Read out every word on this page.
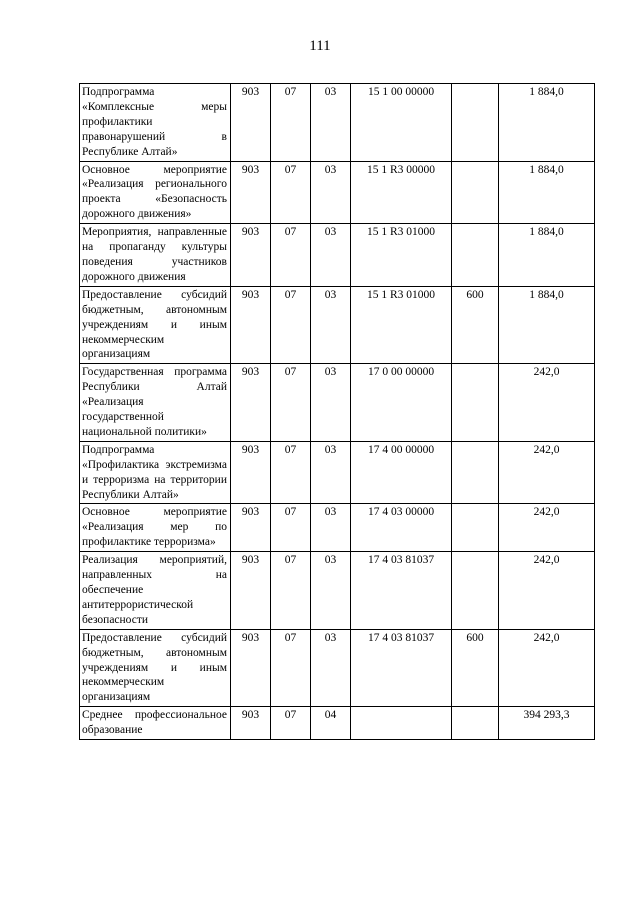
111
Подпрограмма «Комплексные меры профилактики правонарушений в Республике Алтай»	903	07	03	15 1 00 00000		1 884,0
Основное мероприятие «Реализация регионального проекта «Безопасность дорожного движения»	903	07	03	15 1 R3 00000		1 884,0
Мероприятия, направленные на пропаганду культуры поведения участников дорожного движения	903	07	03	15 1 R3 01000		1 884,0
Предоставление субсидий бюджетным, автономным учреждениям и иным некоммерческим организациям	903	07	03	15 1 R3 01000	600	1 884,0
Государственная программа Республики Алтай «Реализация государственной национальной политики»	903	07	03	17 0 00 00000		242,0
Подпрограмма «Профилактика экстремизма и терроризма на территории Республики Алтай»	903	07	03	17 4 00 00000		242,0
Основное мероприятие «Реализация мер по профилактике терроризма»	903	07	03	17 4 03 00000		242,0
Реализация мероприятий, направленных на обеспечение антитеррористической безопасности	903	07	03	17 4 03 81037		242,0
Предоставление субсидий бюджетным, автономным учреждениям и иным некоммерческим организациям	903	07	03	17 4 03 81037	600	242,0
Среднее профессиональное образование	903	07	04			394 293,3
